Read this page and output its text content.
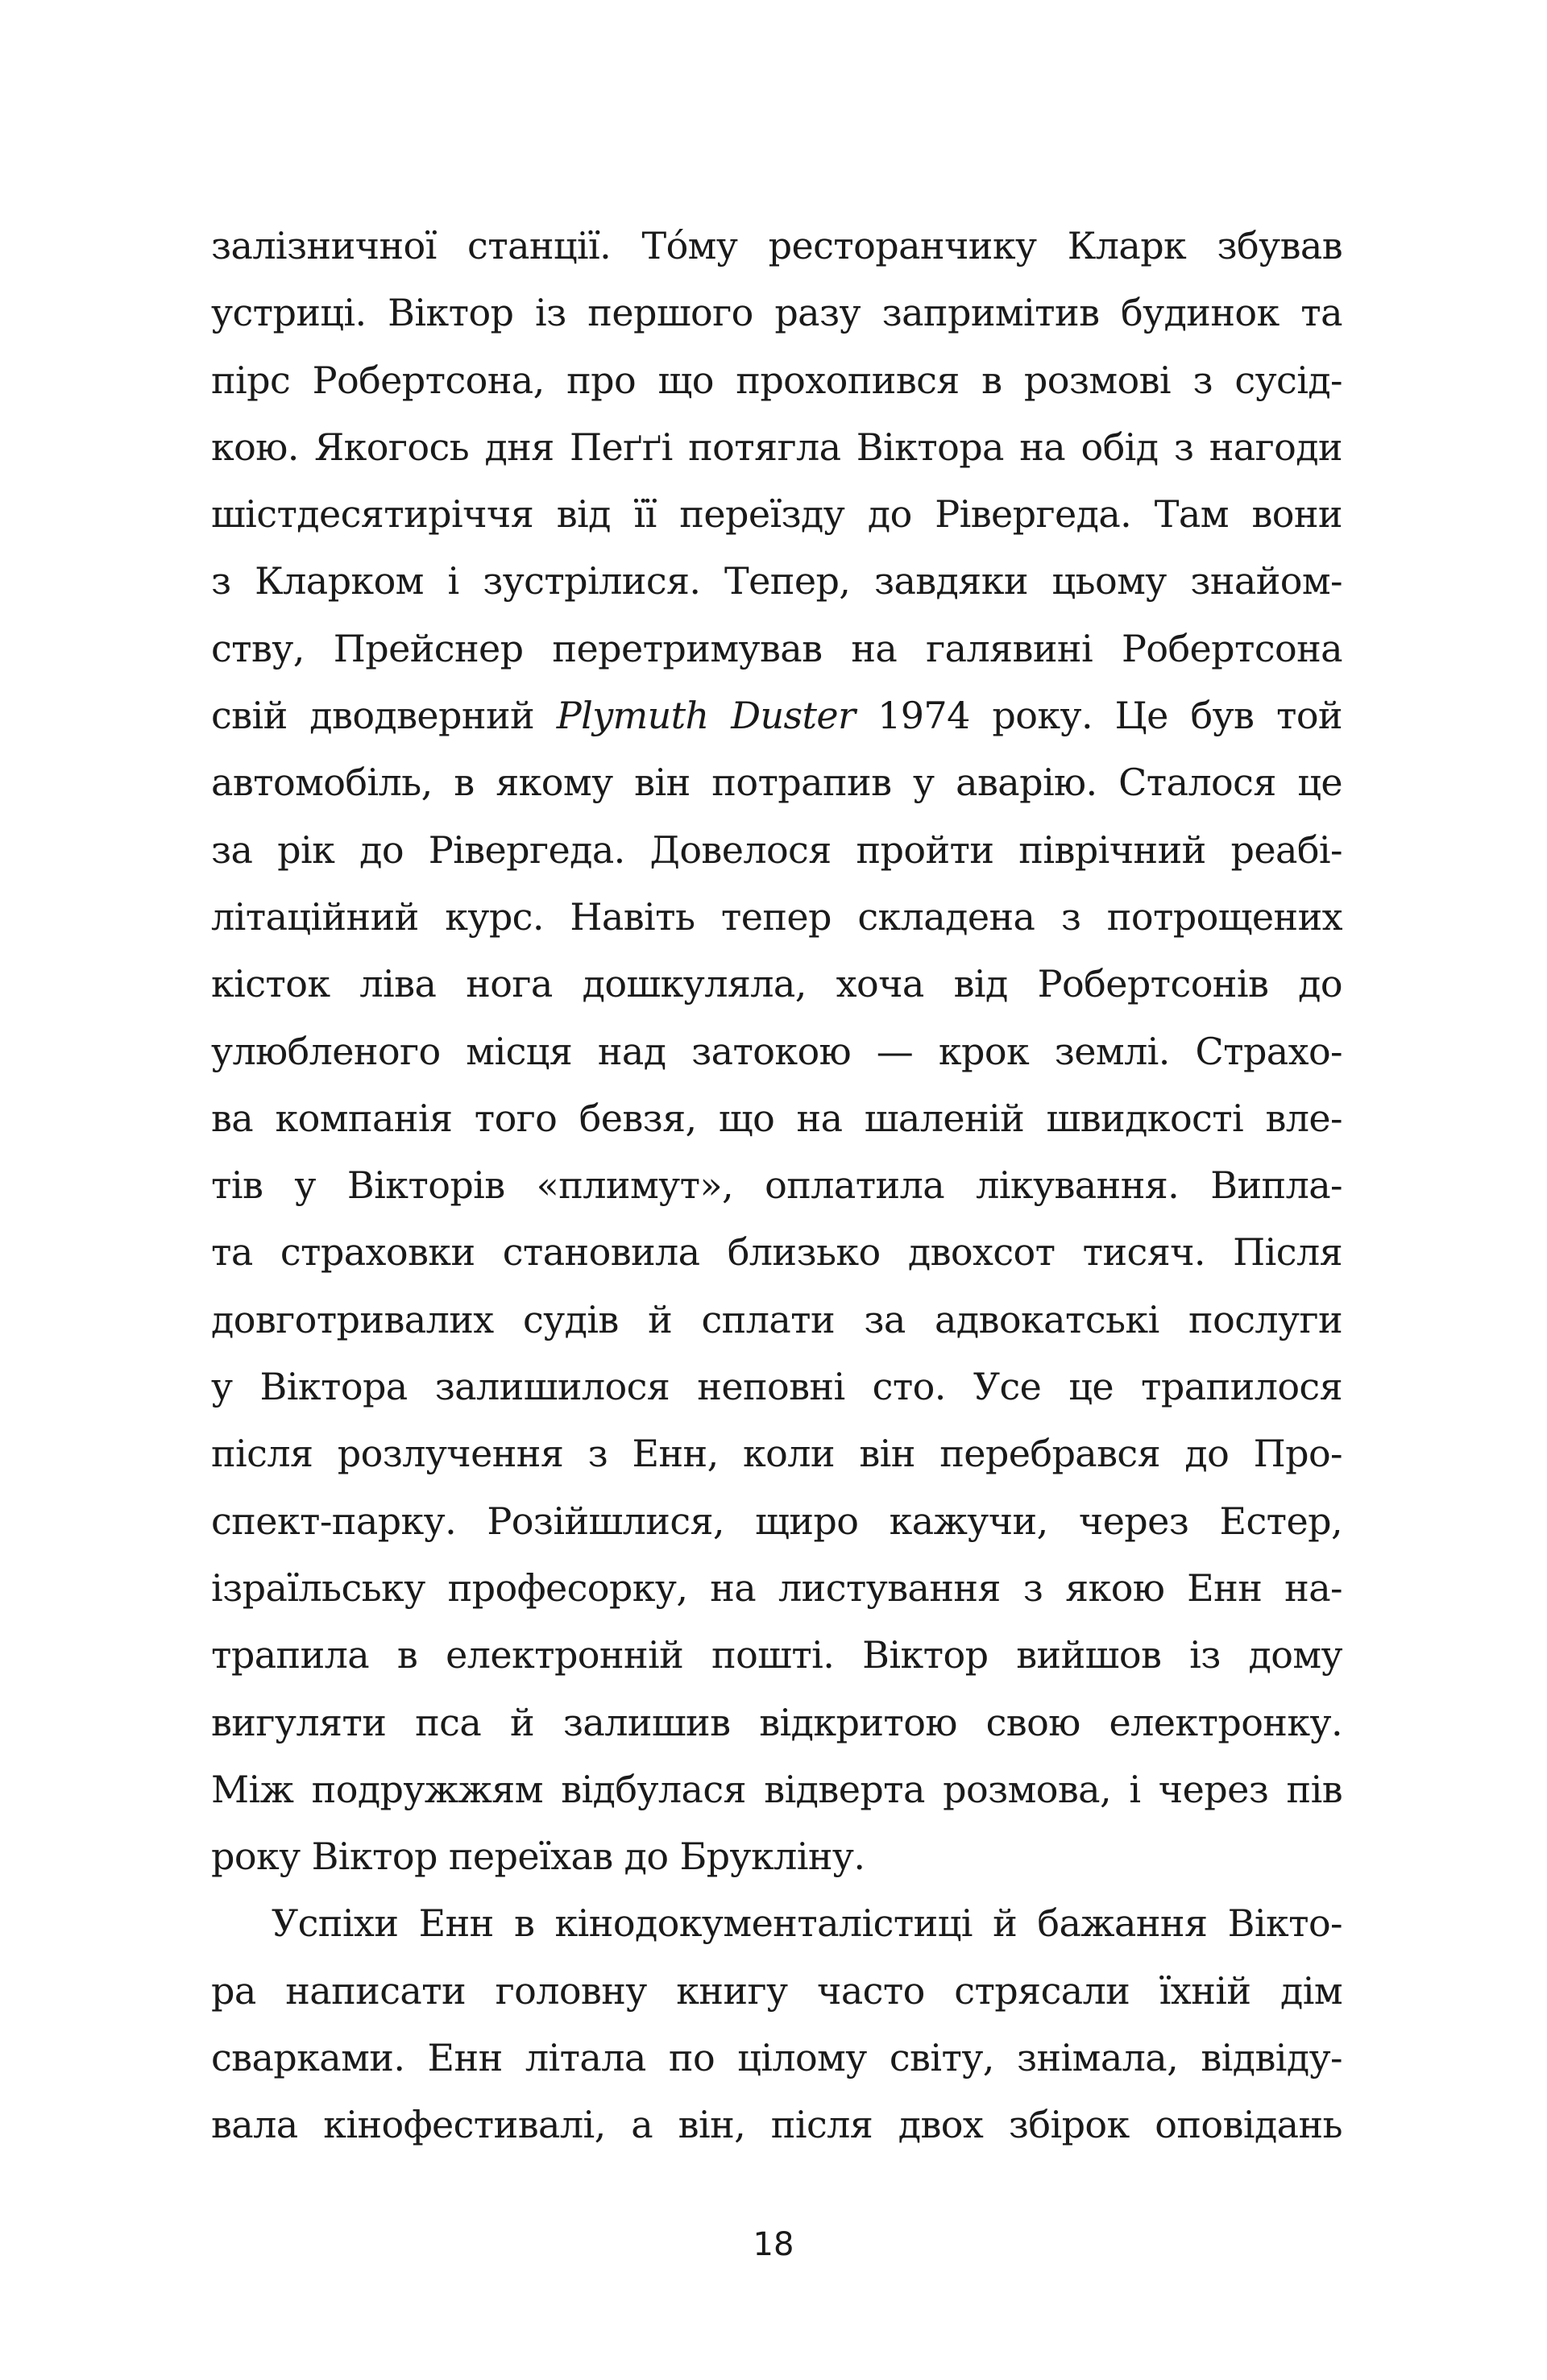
залізничної станції. То́му ресторанчику Кларк збував
устриці. Віктор із першого разу запримітив будинок та
пірс Робертсона, про що прохопився в розмові з сусід-
кою. Якогось дня Пеґґі потягла Віктора на обід з нагоди
шістдесятиріччя від її переїзду до Рівергеда. Там вони
з Кларком і зустрілися. Тепер, завдяки цьому знайом-
ству, Прейснер перетримував на галявині Робертсона
свій дводверний Plymuth Duster 1974 року. Це був той
автомобіль, в якому він потрапив у аварію. Сталося це
за рік до Рівергеда. Довелося пройти піврічний реабі-
літаційний курс. Навіть тепер складена з потрощених
кісток ліва нога дошкуляла, хоча від Робертсонів до
улюбленого місця над затокою — крок землі. Страхо-
ва компанія того бевзя, що на шаленій швидкості вле-
тів у Вікторів «плимут», оплатила лікування. Випла-
та страховки становила близько двохсот тисяч. Після
довготривалих судів й сплати за адвокатські послуги
у Віктора залишилося неповні сто. Усе це трапилося
після розлучення з Енн, коли він перебрався до Про-
спект-парку. Розійшлися, щиро кажучи, через Естер,
ізраїльську професорку, на листування з якою Енн на-
трапила в електронній пошті. Віктор вийшов із дому
вигуляти пса й залишив відкритою свою електронку.
Між подружжям відбулася відверта розмова, і через пів
року Віктор переїхав до Брукліну.
Успіхи Енн в кінодокументалістиці й бажання Вікто-
ра написати головну книгу часто стрясали їхній дім
сварками. Енн літала по цілому світу, знімала, відвіду-
вала кінофестивалі, а він, після двох збірок оповідань
18
